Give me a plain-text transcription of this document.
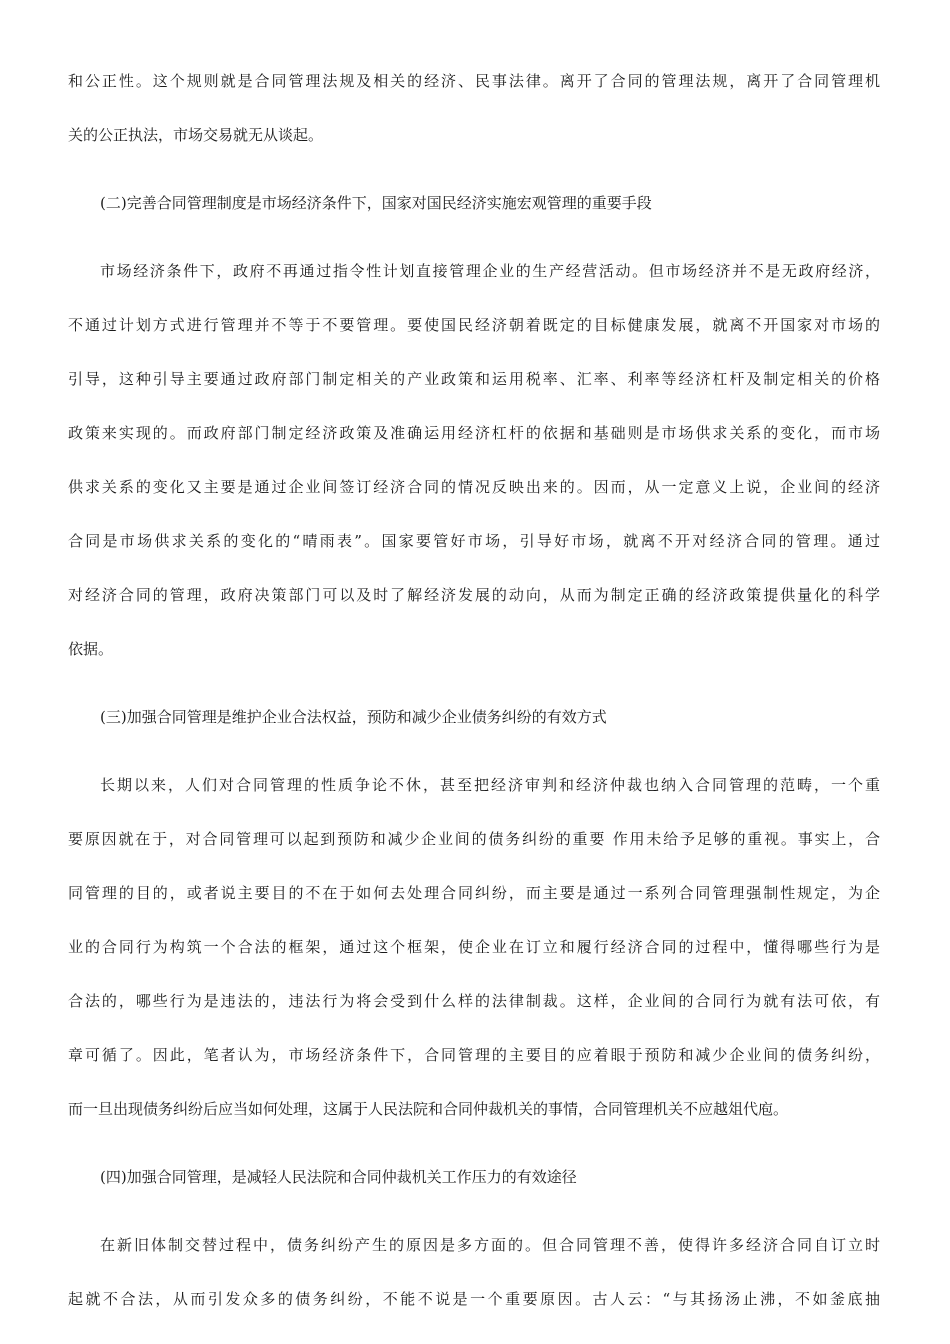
和公正性。这个规则就是合同管理法规及相关的经济、民事法律。离开了合同的管理法规，离开了合同管理机
关的公正执法，市场交易就无从谈起。
(二)完善合同管理制度是市场经济条件下，国家对国民经济实施宏观管理的重要手段
市场经济条件下，政府不再通过指令性计划直接管理企业的生产经营活动。但市场经济并不是无政府经济，
不通过计划方式进行管理并不等于不要管理。要使国民经济朝着既定的目标健康发展，就离不开国家对市场的
引导，这种引导主要通过政府部门制定相关的产业政策和运用税率、汇率、利率等经济杠杆及制定相关的价格
政策来实现的。而政府部门制定经济政策及准确运用经济杠杆的依据和基础则是市场供求关系的变化，而市场
供求关系的变化又主要是通过企业间签订经济合同的情况反映出来的。因而，从一定意义上说，企业间的经济
合同是市场供求关系的变化的“晴雨表”。国家要管好市场，引导好市场，就离不开对经济合同的管理。通过
对经济合同的管理，政府决策部门可以及时了解经济发展的动向，从而为制定正确的经济政策提供量化的科学
依据。
(三)加强合同管理是维护企业合法权益，预防和减少企业债务纠纷的有效方式
长期以来，人们对合同管理的性质争论不休，甚至把经济审判和经济仲裁也纳入合同管理的范畴，一个重
要原因就在于，对合同管理可以起到预防和减少企业间的债务纠纷的重要 作用未给予足够的重视。事实上，合
同管理的目的，或者说主要目的不在于如何去处理合同纠纷，而主要是通过一系列合同管理强制性规定，为企
业的合同行为构筑一个合法的框架，通过这个框架，使企业在订立和履行经济合同的过程中，懂得哪些行为是
合法的，哪些行为是违法的，违法行为将会受到什么样的法律制裁。这样，企业间的合同行为就有法可依，有
章可循了。因此，笔者认为，市场经济条件下，合同管理的主要目的应着眼于预防和减少企业间的债务纠纷，
而一旦出现债务纠纷后应当如何处理，这属于人民法院和合同仲裁机关的事情，合同管理机关不应越俎代庖。
(四)加强合同管理，是减轻人民法院和合同仲裁机关工作压力的有效途径
在新旧体制交替过程中，债务纠纷产生的原因是多方面的。但合同管理不善，使得许多经济合同自订立时
起就不合法，从而引发众多的债务纠纷，不能不说是一个重要原因。古人云：“与其扬汤止沸，不如釜底抽
